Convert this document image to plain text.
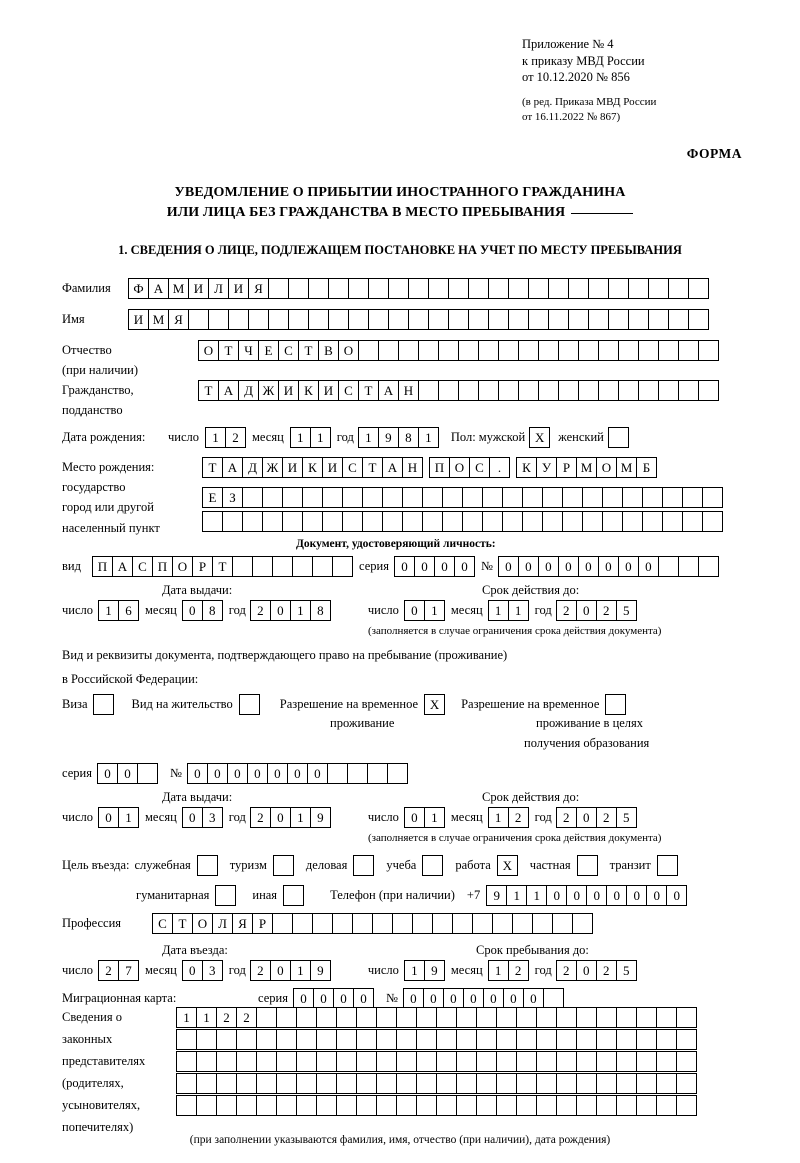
Приложение № 4
к приказу МВД России
от 10.12.2020 № 856
(в ред. Приказа МВД России
от 16.11.2022 № 867)
ФОРМА
УВЕДОМЛЕНИЕ О ПРИБЫТИИ ИНОСТРАННОГО ГРАЖДАНИНА
ИЛИ ЛИЦА БЕЗ ГРАЖДАНСТВА В МЕСТО ПРЕБЫВАНИЯ
1. СВЕДЕНИЯ О ЛИЦЕ, ПОДЛЕЖАЩЕМ ПОСТАНОВКЕ НА УЧЕТ ПО МЕСТУ ПРЕБЫВАНИЯ
Фамилия	Ф А М И Л И Я
Имя	И М Я
Отчество	О Т Ч Е С Т В О
(при наличии)
Гражданство,	Т А Д Ж И К И С Т А Н
подданство
Дата рождения:	число	1	2	месяц	1	1	год 1	9	8	1	Пол: мужской X	женский
Место рождения:	Т А Д Ж И К И С Т А Н	П О С	.	К У Р М О М Б
государство
Е З
город или другой
населенный пункт
Документ, удостоверяющий личность:
вид	П А С П О Р Т	серия 0	0	0	0	№ 0	0	0	0	0	0	0	0
Дата выдачи:	Срок действия до:
число 1	6	месяц 0	8	год 2	0	1	8	число 0	1	месяц 1	1	год 2	0	2	5
(заполняется в случае ограничения срока действия документа)
Вид и реквизиты документа, подтверждающего право на пребывание (проживание)
в Российской Федерации:
Виза	Вид на жительство	Разрешение на временное X	Разрешение на временное
проживание	проживание в целях
получения образования
серия 0	0	№ 0	0	0	0	0	0	0
Дата выдачи:	Срок действия до:
число 0	1	месяц 0	3	год 2	0	1	9	число 0	1	месяц 1	2	год 2	0	2	5
(заполняется в случае ограничения срока действия документа)
Цель въезда: служебная	туризм	деловая	учеба	работа X	частная	транзит
гуманитарная	иная	Телефон (при наличии) +7	9	1	1	0	0	0	0	0	0	0
Профессия	С Т О Л Я Р
Дата въезда:	Срок пребывания до:
число 2	7	месяц 0	3	год 2	0	1	9	число 1	9	месяц 1	2	год 2	0	2	5
Миграционная карта:	серия 0	0	0	0	№ 0	0	0	0	0	0	0
Сведения о
законных
представителях
(родителях,
усыновителях,
попечителях)
1	1	2	2
(при заполнении указываются фамилия, имя, отчество (при наличии), дата рождения)
